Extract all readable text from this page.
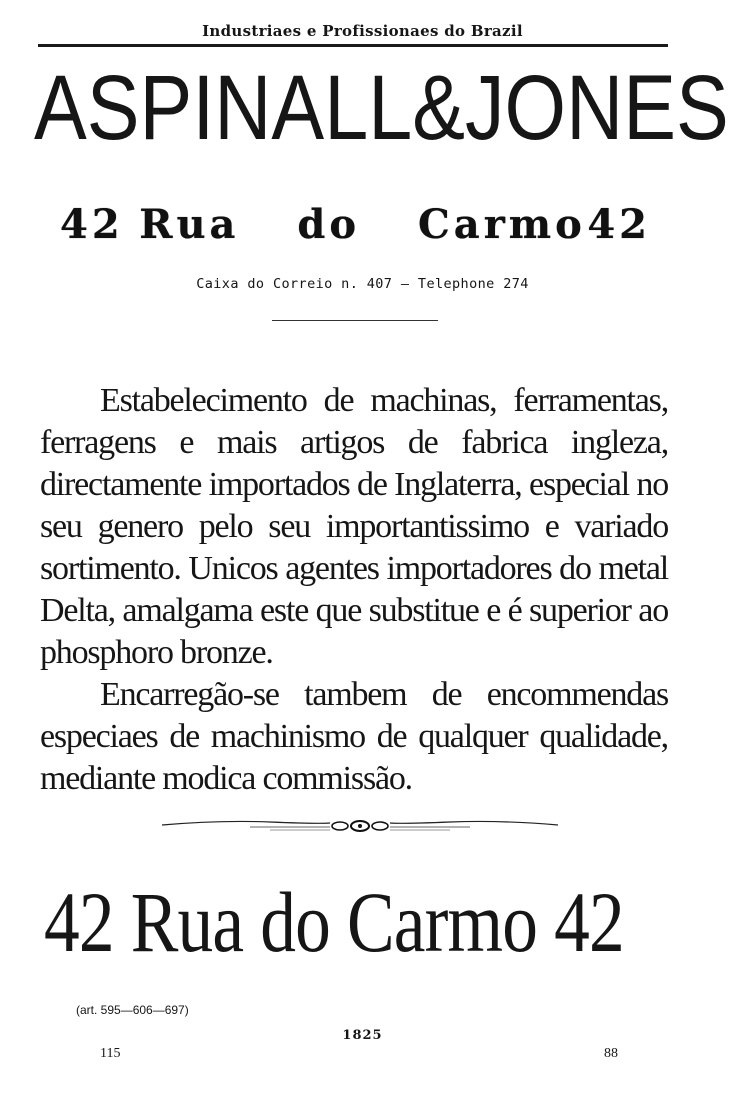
Industriaes e Profissionaes do Brazil
ASPINALL&JONES
42 Rua do Carmo 42
Caixa do Correio n. 407 — Telephone 274

Estabelecimento de machinas, ferramentas, ferragens e mais artigos de fabrica ingleza, directamente importados de Inglaterra, especial no seu genero pelo seu importantissimo e variado sortimento. Unicos agentes importadores do metal Delta, amalgama este que substitue e é superior ao phosphoro bronze.

Encarregão-se tambem de encommendas especiaes de machinismo de qualquer qualidade, mediante modica commissão.

42 Rua do Carmo 42
(art. 595—606—697)
1825
115	88
